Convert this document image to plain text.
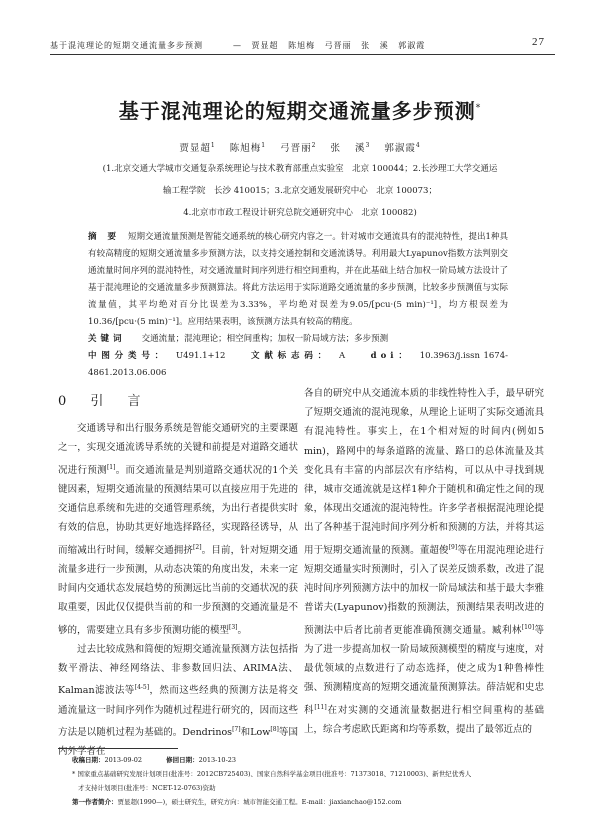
基于混沌理论的短期交通流量多步预测	— 贾显超 陈旭梅 弓晋丽 张 溪 郭淑霞	27
基于混沌理论的短期交通流量多步预测*
贾显超$^1$ 陈旭梅$^1$ 弓晋丽$^2$ 张 溪$^3$ 郭淑霞$^4$
(1.北京交通大学城市交通复杂系统理论与技术教育部重点实验室　北京 100044；2.长沙理工大学交通运
输工程学院　长沙 410015；3.北京交通发展研究中心　北京 100073；
4.北京市市政工程设计研究总院交通研究中心　北京 100082)
摘 要 短期交通流量预测是智能交通系统的核心研究内容之一。针对城市交通流具有的混沌特性，提出1种具有较高精度的短期交通流量多步预测方法，以支持交通控制和交通流诱导。利用最大Lyapunov指数方法判别交通流量时间序列的混沌特性，对交通流量时间序列进行相空间重构，并在此基础上结合加权一阶局域方法设计了基于混沌理论的交通流量多步预测算法。将此方法运用于实际道路交通流量的多步预测，比较多步预测值与实际流量值，其平均绝对百分比误差为3.33%，平均绝对误差为9.05/[pcu·(5 min)⁻¹]，均方根误差为10.36/[pcu·(5 min)⁻¹]。应用结果表明，该预测方法具有较高的精度。
关键词 交通流量；混沌理论；相空间重构；加权一阶局域方法；多步预测
中图分类号： U491.1+12	文献标志码： A	doi： 10.3963/j.issn 1674-4861.2013.06.006
0 引 言

交通诱导和出行服务系统是智能交通研究的主要课题之一，实现交通流诱导系统的关键和前提是对道路交通状况进行预测[1]。而交通流量是判别道路交通状况的1个关键因素，短期交通流量的预测结果可以直接应用于先进的交通信息系统和先进的交通管理系统，为出行者提供实时有效的信息，协助其更好地选择路径，实现路径诱导，从而缩减出行时间，缓解交通拥挤[2]。目前，针对短期交通流量多进行一步预测，从动态决策的角度出发，未来一定时间内交通状态发展趋势的预测远比当前的交通状况的获取重要，因此仅仅提供当前的和一步预测的交通流量是不够的，需要建立具有多步预测功能的模型[3]。

过去比较成熟和简便的短期交通流量预测方法包括指数平滑法、神经网络法、非参数回归法、ARIMA法、Kalman滤波法等[4-5]，然而这些经典的预测方法是将交通流量这一时间序列作为随机过程进行研究的，因而这些方法是以随机过程为基础的。Dendrinos[7]和Low[8]等国内外学者在

各自的研究中从交通流本质的非线性特性入手，最早研究了短期交通流的混沌现象，从理论上证明了实际交通流具有混沌特性。事实上，在1个相对短的时间内(例如5 min)，路网中的每条道路的流量、路口的总体流量及其变化具有丰富的内部层次有序结构，可以从中寻找到规律，城市交通流就是这样1种介于随机和确定性之间的现象，体现出交通流的混沌特性。许多学者根据混沌理论提出了各种基于混沌时间序列分析和预测的方法，并将其运用于短期交通流量的预测。董超俊[9]等在用混沌理论进行短期交通量实时预测时，引入了误差反馈系数，改进了混沌时间序列预测方法中的加权一阶局域法和基于最大李雅普诺夫(Lyapunov)指数的预测法，预测结果表明改进的预测法中后者比前者更能准确预测交通量。臧利林[10]等为了进一步提高加权一阶局域预测模型的精度与速度，对最优领域的点数进行了动态选择，使之成为1种鲁棒性强、预测精度高的短期交通流量预测算法。薛洁妮和史忠科[11]在对实测的交通流量数据进行相空间重构的基础上，综合考虑欧氏距离和均等系数，提出了最邻近点的

收稿日期：2013-09-02	修回日期：2013-10-23
* 国家重点基础研究发展计划项目(批准号：2012CB725403)、国家自然科学基金项目(批准号：71373018、71210003)、新世纪优秀人
才支持计划项目(批准号：NCET-12-0763)资助
第一作者简介：贾显超(1990—)，硕士研究生，研究方向：城市智能交通工程。E-mail：jiaxianchao@152.com
